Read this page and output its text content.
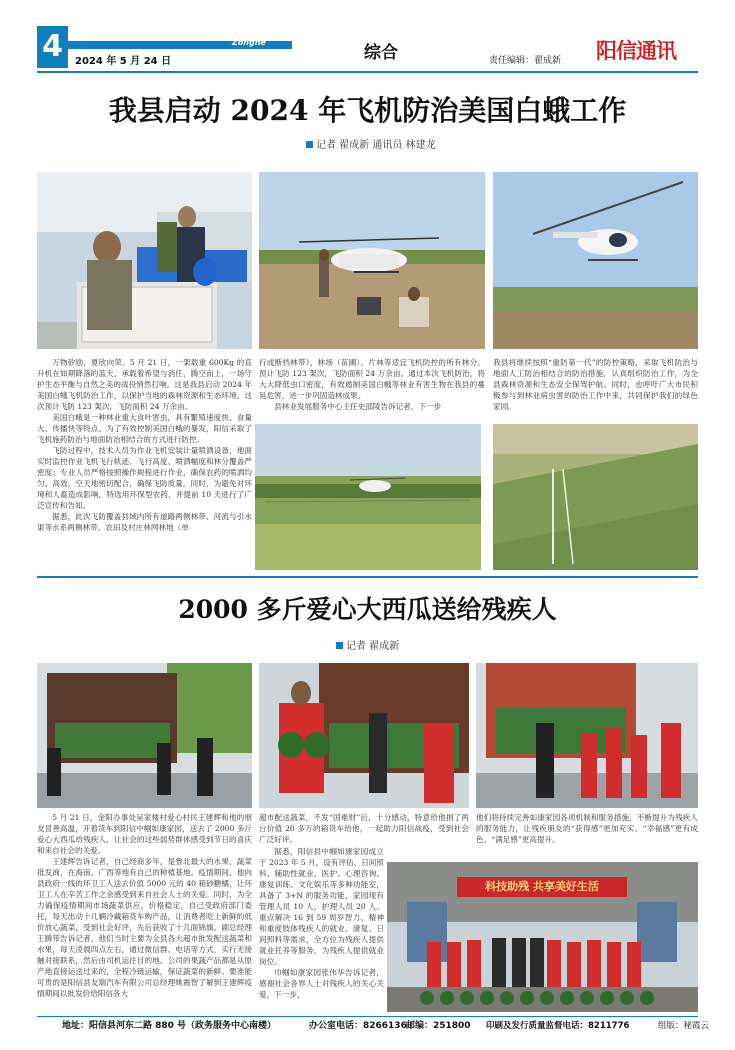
4	Zonghe
2024 年 5 月 24 日	综合	责任编辑：翟成新 阳信通讯
我县启动 2024 年飞机防治美国白蛾工作
记者 翟成新 通讯员 林建龙

万物矽励，夏欣向荣。5 月 21 日，一架载重 600Kg 的直升机在如期降落的蓝天，承载着希望与消任，腾空而上，一场守护生态平衡与自然之美的战役悄然打响。这是我县启动 2024 年美国白蛾飞机防治工作，以保护当地的森林资源和生态环境。这次预计飞防 123 架次，飞防面积 24 万余亩。

美国白蛾是一种林业重大食叶害虫，具有繁殖速度快、食量大、传播快等特点。为了有效控制美国白蛾的暴发，阳信采取了飞机施药防治与地面防治相结合的方式进行防控。

飞防过程中，技术人员为作业飞机安装计量喷洒设备，地面实时监控作业飞机飞行轨迹、飞行高度、喷洒幅度和林分覆盖严密度；专业人员严格按照操作规程进行作业，确保农药的喷洒均匀、高效，空天地密切配合，确保飞防质量。同时，为避免对环境和人畜造成影响，特选用环保型农药，并提前 10 天进行了广泛宣传和告知。

据悉，此次飞防覆盖县域内所有道路两侧林带、河流与引水渠等水系两侧林带、农田及村庄林网林地（单

行或断档林带），林场（苗圃）、片林等适宜飞机防控的所有林分。预计飞防 123 架次，飞防面积 24 万余亩。通过本次飞机防治，将大大降低虫口密度，有效遏制美国白蛾等林业有害生物在我县的蔓延危害，进一步巩固造林成果。

县林业发展服务中心主任史邵陵告诉记者，下一步

我县将继续按照“重防第一代”的防控策略，采取飞机防治与地面人工防治相结合的防治措施，认真组织防治工作，为全县森林资源和生态安全保驾护航。同时，也呼吁广大市民积极参与到林业病虫害的防治工作中来，共同保护我们的绿色家园。

2000 多斤爱心大西瓜送给残疾人
记者 翟成新

5 月 21 日，金阳办事处吴家楼村爱心村民王建辉和他的朋友冒善高温，开着货车到阳信中帼如康家园，送去了 2000 多斤爱心大西瓜给残疾人，让社会的这些弱势群体感受到节日的喜庆和来自社会的关爱。

王建辉告诉记者，自己经商多年，是鲁北最大的水果、蔬菜批发商，在海南、广西等地有自己的种植基地。疫情期间，他向县政府一线的环卫工人送去价值 5000 元的 40 箱砂糖橘，让环卫工人在辛苦工作之余感受到来自社会人士的关爱。同时，为全力确保疫情期间市场蔬菜供应，价格稳定，自己受政府部门委托，每天出动十几辆冷藏箱货车购产品，让消费者吃上新鲜的低价放心蔬菜，受到社会好评，先后获收了十几面锦旗。副总经理王腾带告诉记者，他们当时主要为全县各大超市批发配送蔬菜和水果，每天凌晨四点左右，通过微信群、电话等方式，实行无接触对接联系，然后由司机运往目的地。公司的果蔬产品都是从原产地直接运送过来的，全程冷链运输，保证蔬菜的新鲜。要准能可贵的是阳信县友瑞汽车有限公司总经理姚震智了解到王建辉疫情期间以批发价给阳信各大

超市配送蔬菜，不发“国难财”后，十分感动，特意给他捐了两台价值 20 多万的箱货车给他，一起助力阳信战疫，受到社会广泛好评。

他们将持续完善如康家园各项机制和服务措施，不断提升为残疾人的服务能力，让残疾朋友的“获得感”更加充实、“幸福感”更有成色、“满足感”更高提升。

据悉，阳信县中帼如康家园成立于 2023 年 5 月，设有评估、日间照料、辅助性就业、医护、心理咨询、康复训练、文化娱乐等多种功能室，具备了 3+N 的服务功能，家园现有管理人员 10 人，护理人员 20 人。重点解决 16 到 59 周岁智力、精神和重度肢体残疾人的就业、康复、日间照料等需求，全方位为残疾人提供就业托养等服务，为残疾人提供就业岗位。

巾帼如康家园张伟华告诉记者，感谢社会各界人士对残疾人的关心关爱，下一步，

科技助残 共享美好生活
地址：阳信县河东二路 880 号（政务服务中心南楼）	办公室电话：8266136 邮编：251800 印刷及发行质量监督电话：8211776	组版：秘霞云
